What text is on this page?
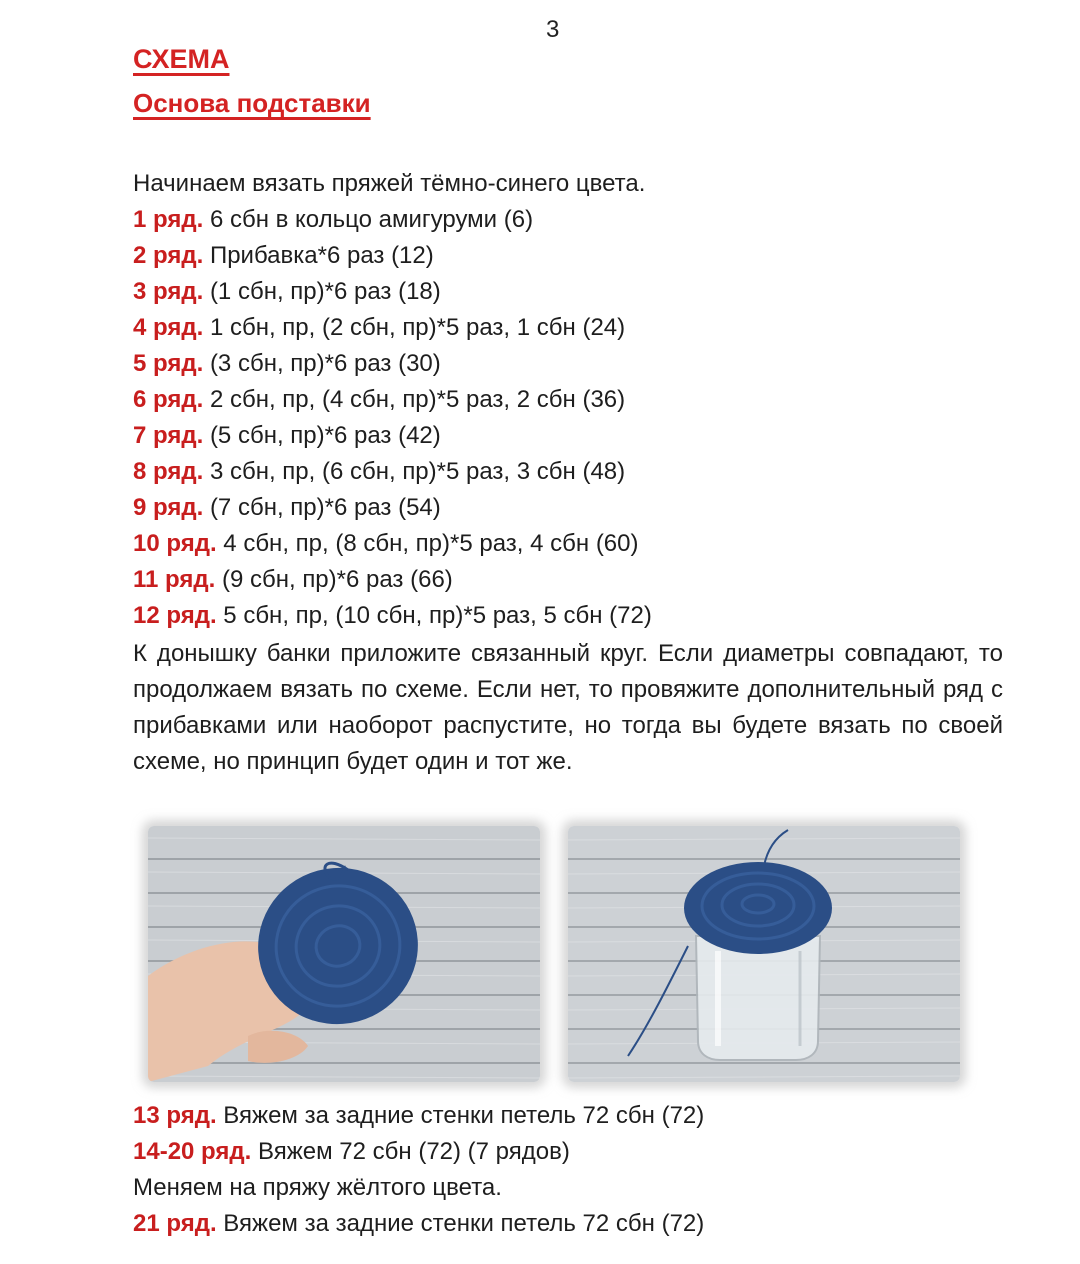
3
СХЕМА
Основа подставки
Начинаем вязать пряжей тёмно-синего цвета.
1 ряд. 6 сбн в кольцо амигуруми (6)
2 ряд. Прибавка*6 раз (12)
3 ряд. (1 сбн, пр)*6 раз (18)
4 ряд. 1 сбн, пр, (2 сбн, пр)*5 раз, 1 сбн (24)
5 ряд. (3 сбн, пр)*6 раз (30)
6 ряд. 2 сбн, пр, (4 сбн, пр)*5 раз, 2 сбн (36)
7 ряд. (5 сбн, пр)*6 раз (42)
8 ряд. 3 сбн, пр, (6 сбн, пр)*5 раз, 3 сбн (48)
9 ряд. (7 сбн, пр)*6 раз (54)
10 ряд. 4 сбн, пр, (8 сбн, пр)*5 раз, 4 сбн (60)
11 ряд. (9 сбн, пр)*6 раз (66)
12 ряд. 5 сбн, пр, (10 сбн, пр)*5 раз, 5 сбн (72)
К донышку банки приложите связанный круг. Если диаметры совпадают, то продолжаем вязать по схеме. Если нет, то провяжите дополнительный ряд с прибавками или наоборот распустите, но тогда вы будете вязать по своей схеме, но принцип будет один и тот же.
13 ряд. Вяжем за задние стенки петель 72 сбн (72)
14-20 ряд. Вяжем 72 сбн (72) (7 рядов)
Меняем на пряжу жёлтого цвета.
21 ряд. Вяжем за задние стенки петель 72 сбн (72)
